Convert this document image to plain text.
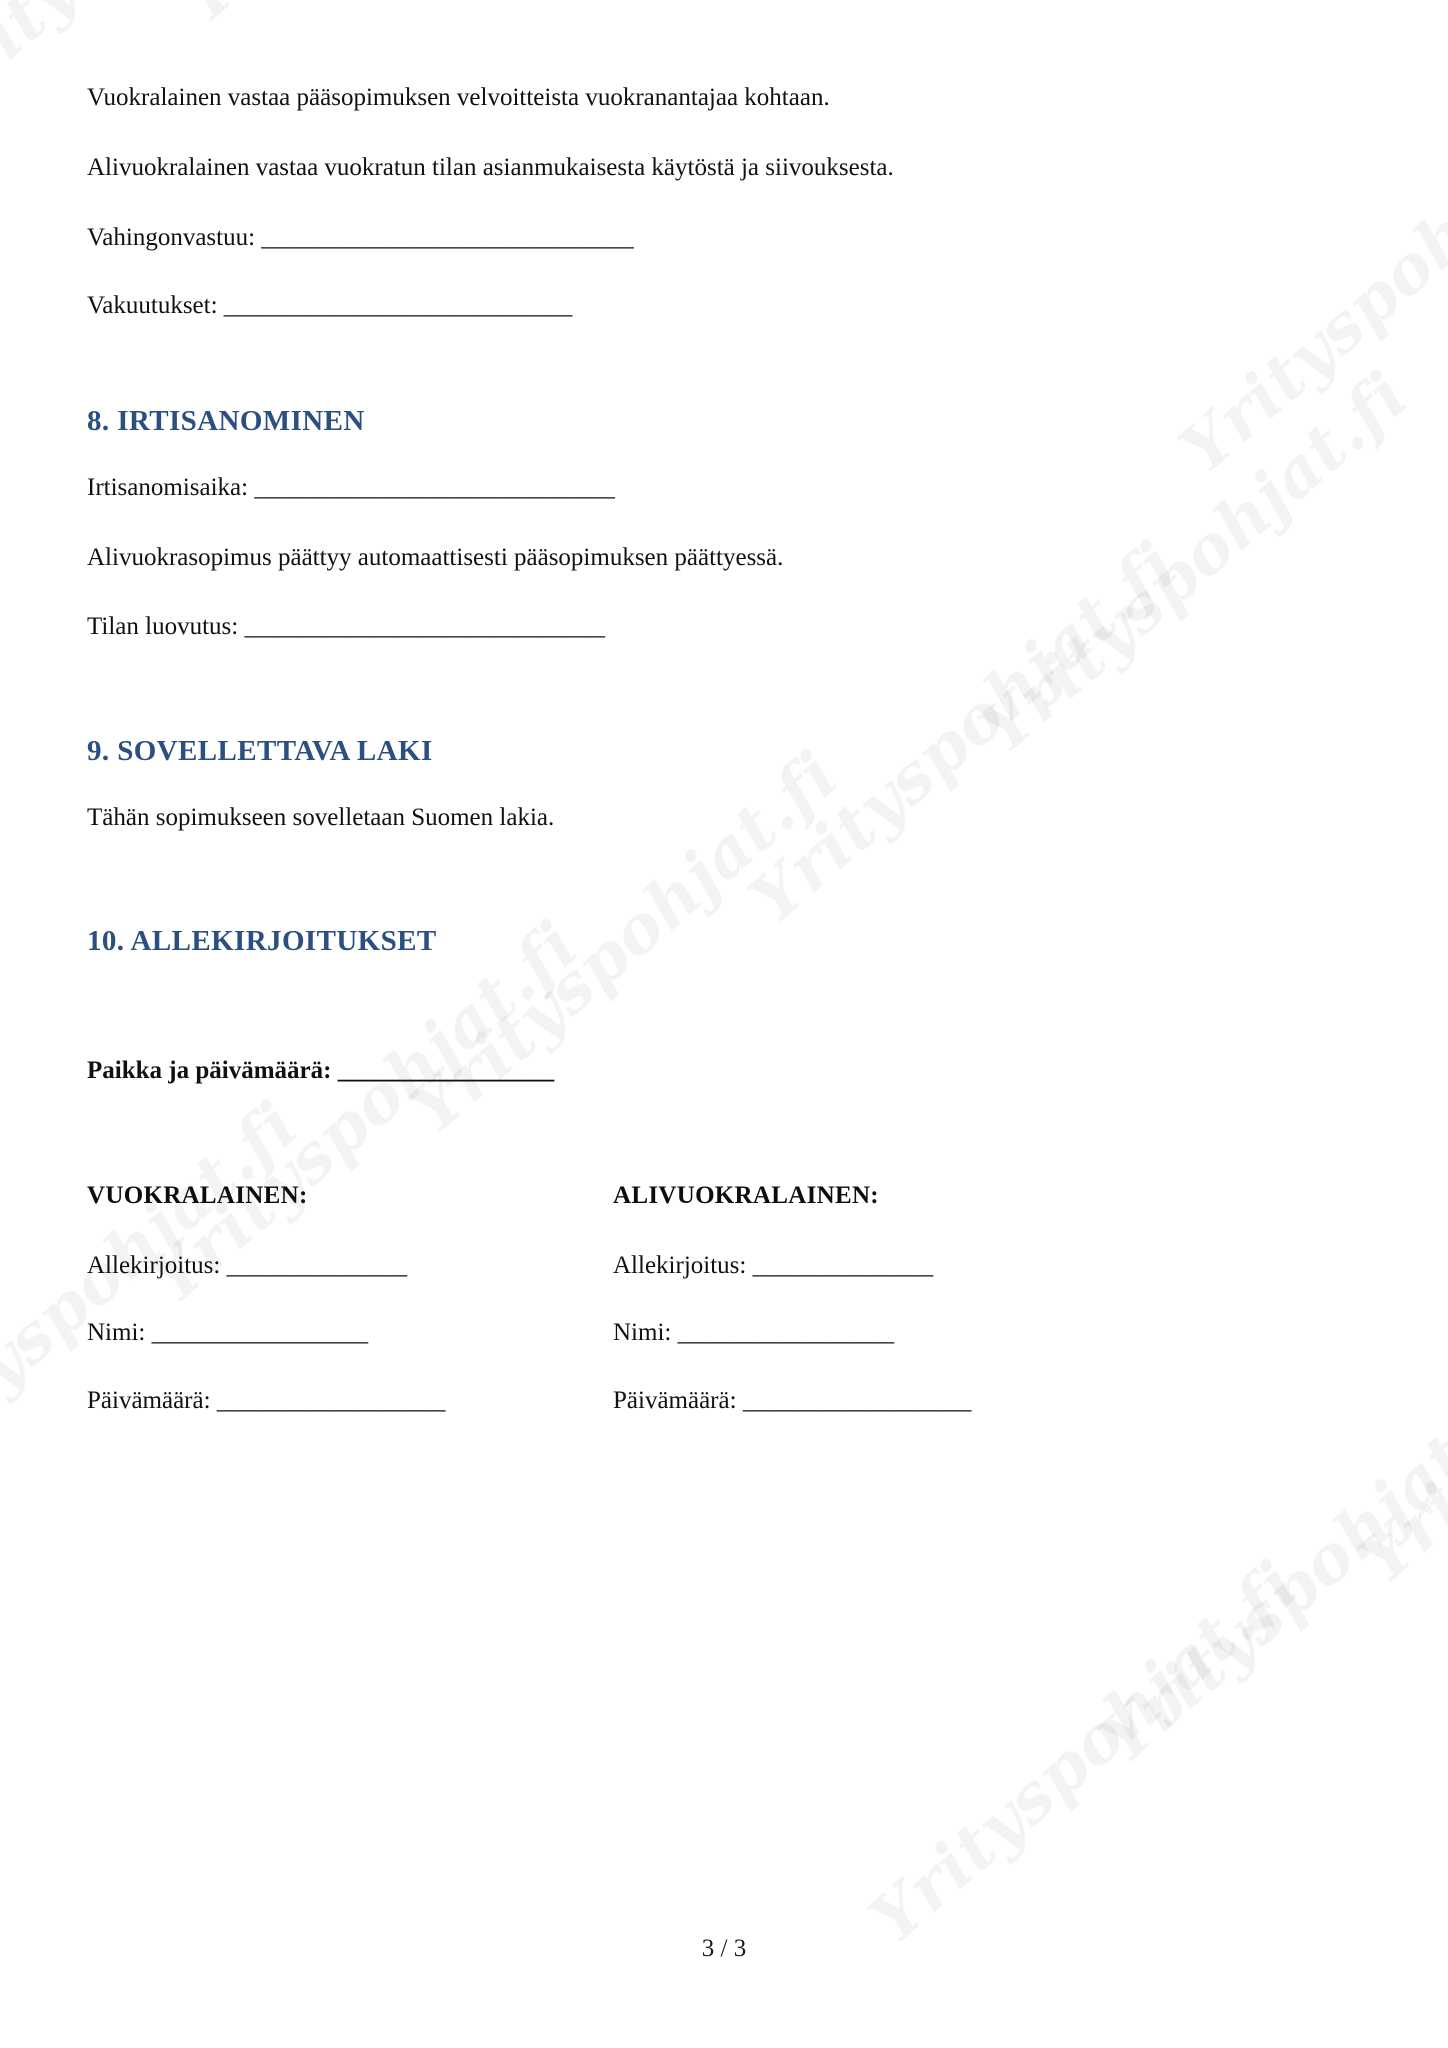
Vuokralainen vastaa pääsopimuksen velvoitteista vuokranantajaa kohtaan.
Alivuokralainen vastaa vuokratun tilan asianmukaisesta käytöstä ja siivouksesta.
Vahingonvastuu: _______________________________
Vakuutukset: _____________________________
8. IRTISANOMINEN
Irtisanomisaika: ______________________________
Alivuokrasopimus päättyy automaattisesti pääsopimuksen päättyessä.
Tilan luovutus: ______________________________
9. SOVELLETTAVA LAKI
Tähän sopimukseen sovelletaan Suomen lakia.
10. ALLEKIRJOITUKSET
Paikka ja päivämäärä: __________________
VUOKRALAINEN:
Allekirjoitus: _______________
Nimi: __________________
Päivämäärä: ___________________
ALIVUOKRALAINEN:
Allekirjoitus: _______________
Nimi: __________________
Päivämäärä: ___________________
3 / 3
